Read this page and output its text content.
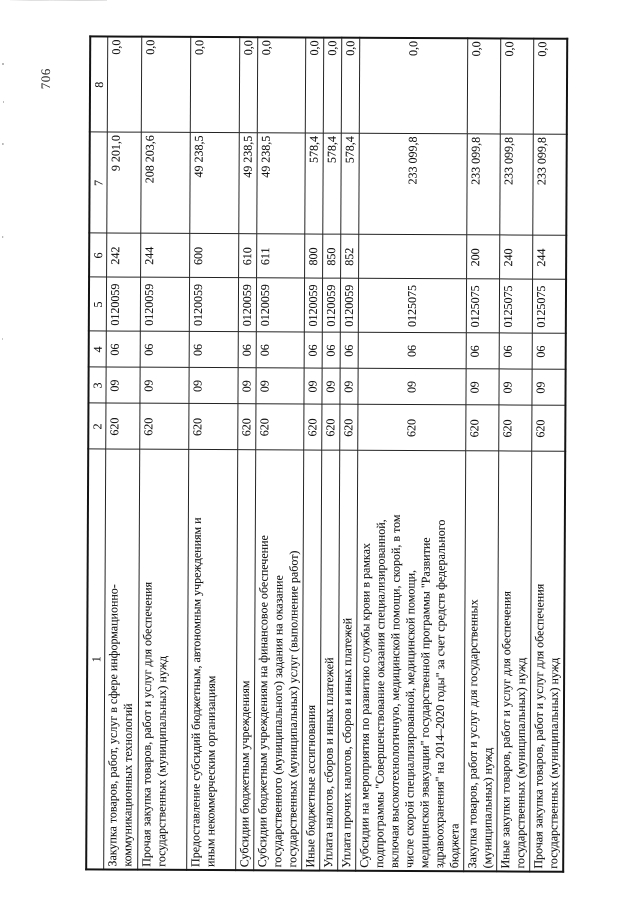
706
1	2	3	4	5	6	7	8
Закупка товаров, работ, услуг в сфере информационно-
коммуникационных технологий	620	09	06	0120059	242	9 201,0	0,0
Прочая закупка товаров, работ и услуг для обеспечения
государственных (муниципальных) нужд	620	09	06	0120059	244	208 203,6	0,0
Предоставление субсидий бюджетным, автономным учреждениям и
иным некоммерческим организациям	620	09	06	0120059	600	49 238,5	0,0
Субсидии бюджетным учреждениям	620	09	06	0120059	610	49 238,5	0,0
Субсидии бюджетным учреждениям на финансовое обеспечение
государственного (муниципального) задания на оказание
государственных (муниципальных) услуг (выполнение работ)	620	09	06	0120059	611	49 238,5	0,0
Иные бюджетные ассигнования	620	09	06	0120059	800	578,4	0,0
Уплата налогов, сборов и иных платежей	620	09	06	0120059	850	578,4	0,0
Уплата прочих налогов, сборов и иных платежей	620	09	06	0120059	852	578,4	0,0
Субсидии на мероприятия по развитию службы крови в рамках
подпрограммы "Совершенствование оказания специализированной,
включая высокотехнологичную, медицинской помощи, скорой, в том
числе скорой специализированной, медицинской помощи,
медицинской эвакуации" государственной программы "Развитие
здравоохранения" на 2014–2020 годы" за счет средств федерального
бюджета	620	09	06	0125075		233 099,8	0,0
Закупка товаров, работ и услуг для государственных
(муниципальных) нужд	620	09	06	0125075	200	233 099,8	0,0
Иные закупки товаров, работ и услуг для обеспечения
государственных (муниципальных) нужд	620	09	06	0125075	240	233 099,8	0,0
Прочая закупка товаров, работ и услуг для обеспечения
государственных (муниципальных) нужд	620	09	06	0125075	244	233 099,8	0,0
